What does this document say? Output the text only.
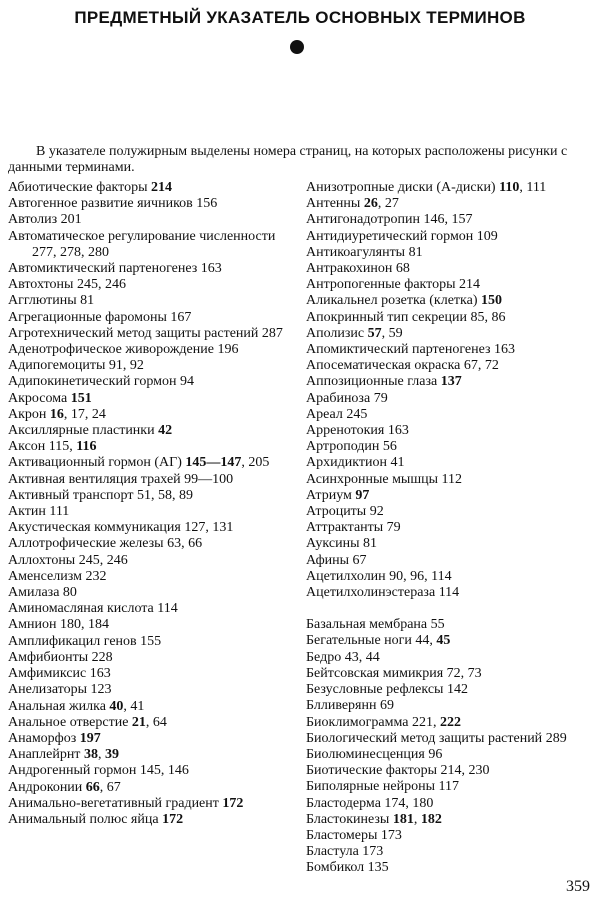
ПРЕДМЕТНЫЙ УКАЗАТЕЛЬ ОСНОВНЫХ ТЕРМИНОВ
В указателе полужирным выделены номера страниц, на которых расположены рисунки с данными терминами.
Абиотические факторы 214
Автогенное развитие яичников 156
Автолиз 201
Автоматическое регулирование численности 277, 278, 280
Автомиктический партеногенез 163
Автохтоны 245, 246
Агглютины 81
Агрегационные фаромоны 167
Агротехнический метод защиты растений 287
Аденотрофическое живорождение 196
Адипогемоциты 91, 92
Адипокинетический гормон 94
Акросома 151
Акрон 16, 17, 24
Аксиллярные пластинки 42
Аксон 115, 116
Активационный гормон (АГ) 145—147, 205
Активная вентиляция трахей 99—100
Активный транспорт 51, 58, 89
Актин 111
Акустическая коммуникация 127, 131
Аллотрофические железы 63, 66
Аллохтоны 245, 246
Аменселизм 232
Амилаза 80
Аминомасляная кислота 114
Амнион 180, 184
Амплификацил генов 155
Амфибионты 228
Амфимиксис 163
Анелизаторы 123
Анальная жилка 40, 41
Анальное отверстие 21, 64
Анаморфоз 197
Анаплейрнт 38, 39
Андрогенный гормон 145, 146
Андроконии 66, 67
Анимально-вегетативный градиент 172
Анимальный полюс яйца 172
Анизотропные диски (А-диски) 110, 111
Антенны 26, 27
Антигонадотропин 146, 157
Антидиуретический гормон 109
Антикоагулянты 81
Антракохинон 68
Антропогенные факторы 214
Аликальнел розетка (клетка) 150
Апокринный тип секреции 85, 86
Аполизис 57, 59
Апомиктический партеногенез 163
Апосематическая окраска 67, 72
Аппозиционные глаза 137
Арабиноза 79
Ареал 245
Арренотокия 163
Артроподин 56
Архидиктион 41
Асинхронные мышцы 112
Атриум 97
Атроциты 92
Аттрактанты 79
Ауксины 81
Афины 67
Ацетилхолин 90, 96, 114
Ацетилхолинэстераза 114
Базальная мембрана 55
Бегательные ноги 44, 45
Бедро 43, 44
Бейтсовская мимикрия 72, 73
Безусловные рефлексы 142
Блливерянн 69
Биоклимограмма 221, 222
Биологический метод защиты растений 289
Биолюминесценция 96
Биотические факторы 214, 230
Биполярные нейроны 117
Бластодерма 174, 180
Бластокинезы 181, 182
Бластомеры 173
Бластула 173
Бомбикол 135
359
